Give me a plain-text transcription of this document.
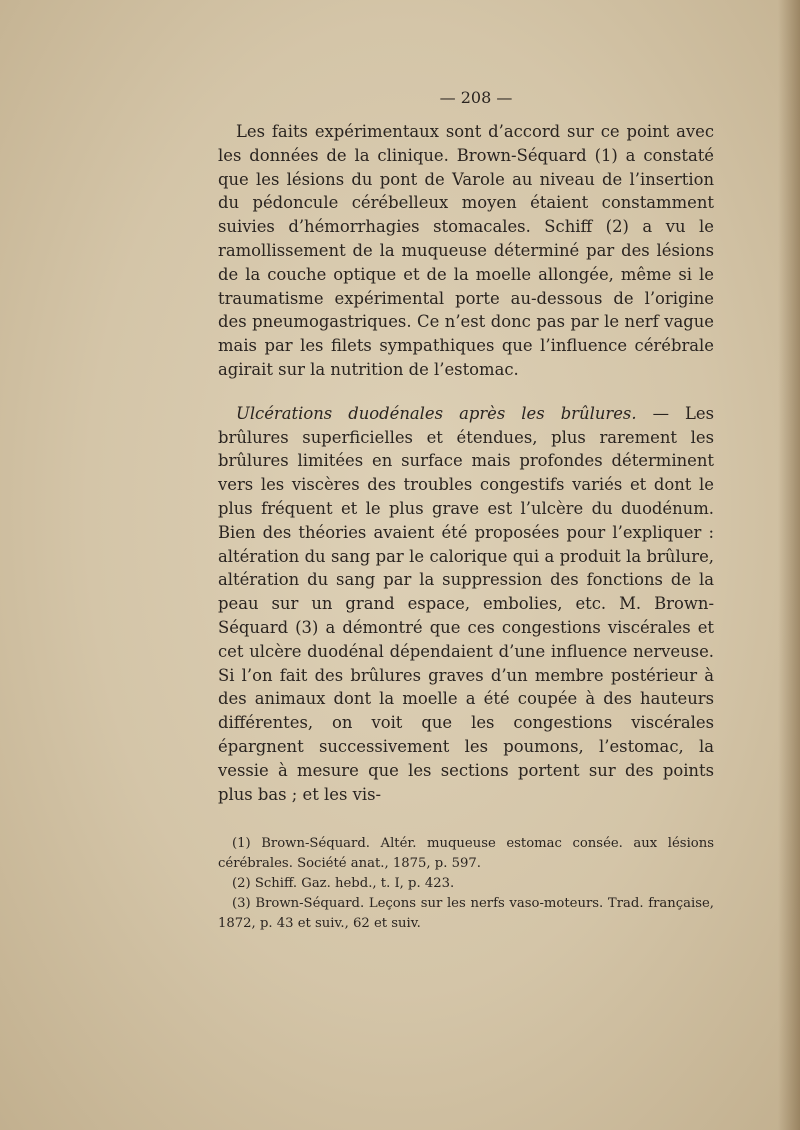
— 208 —

Les faits expérimentaux sont d’accord sur ce point avec les données de la clinique. Brown-Séquard (1) a constaté que les lésions du pont de Varole au niveau de l’insertion du pédoncule cérébelleux moyen étaient constamment suivies d’hémorrhagies stomacales. Schiff (2) a vu le ramollissement de la muqueuse déterminé par des lésions de la couche optique et de la moelle allongée, même si le traumatisme expérimental porte au-dessous de l’origine des pneumogastriques. Ce n’est donc pas par le nerf vague mais par les filets sympathiques que l’influence cérébrale agirait sur la nutrition de l’estomac.

Ulcérations duodénales après les brûlures. — Les brûlures superficielles et étendues, plus rarement les brûlures limitées en surface mais profondes déterminent vers les viscères des troubles congestifs variés et dont le plus fréquent et le plus grave est l’ulcère du duodénum. Bien des théories avaient été proposées pour l’expliquer : altération du sang par le calorique qui a produit la brûlure, altération du sang par la suppression des fonctions de la peau sur un grand espace, embolies, etc. M. Brown-Séquard (3) a démontré que ces congestions viscérales et cet ulcère duodénal dépendaient d’une influence nerveuse. Si l’on fait des brûlures graves d’un membre postérieur à des animaux dont la moelle a été coupée à des hauteurs différentes, on voit que les congestions viscérales épargnent successivement les poumons, l’estomac, la vessie à mesure que les sections portent sur des points plus bas ; et les vis-

(1) Brown-Séquard. Altér. muqueuse estomac consée. aux lésions cérébrales. Société anat., 1875, p. 597.

(2) Schiff. Gaz. hebd., t. I, p. 423.

(3) Brown-Séquard. Leçons sur les nerfs vaso-moteurs. Trad. française, 1872, p. 43 et suiv., 62 et suiv.
